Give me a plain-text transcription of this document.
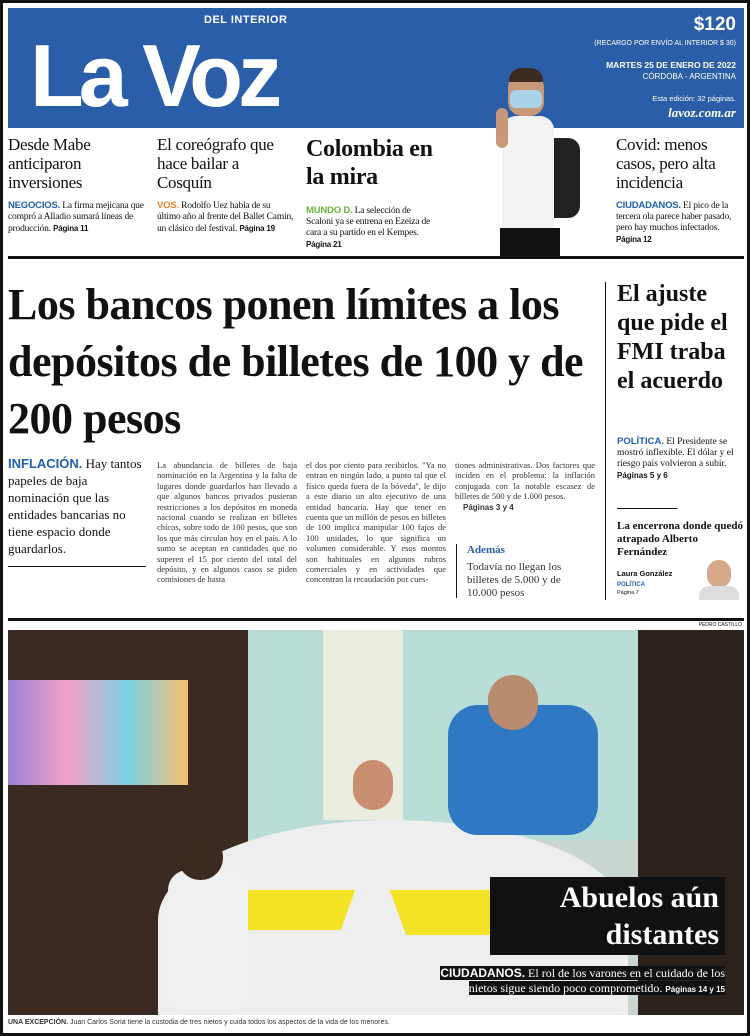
La Voz
DEL INTERIOR	$120
(RECARGO POR ENVÍO AL INTERIOR $ 30)
MARTES 25 DE ENERO DE 2022
CÓRDOBA - ARGENTINA
Esta edición: 32 páginas.
lavoz.com.ar
Desde Mabe anticiparon inversiones

NEGOCIOS. La firma mejicana que compró a Alladio sumará líneas de producción. Página 11

El coreógrafo que hace bailar a Cosquín

VOS. Rodolfo Uez habla de su último año al frente del Ballet Camín, un clásico del festival. Página 19

Colombia en la mira

MUNDO D. La selección de Scaloni ya se entrena en Ezeiza de cara a su partido en el Kempes. Página 21

Covid: menos casos, pero alta incidencia

CIUDADANOS. El pico de la tercera ola parece haber pasado, pero hay muchos infectados. Página 12

Los bancos ponen límites a los depósitos de billetes de 100 y de 200 pesos
INFLACIÓN. Hay tantos papeles de baja nominación que las entidades bancarias no tiene espacio donde guardarlos.
La abundancia de billetes de baja nominación en la Argentina y la falta de lugares donde guardarlos han llevado a que algunos bancos privados pusieran restricciones a los depósitos en moneda nacional cuando se realizan en billetes chicos, sobre todo de 100 pesos, que son los que más circulan hoy en el país. A lo sumo se aceptan en cantidades que no superen el 15 por ciento del total del depósito, y en algunos casos se piden comisiones de hasta
el dos por ciento para recibirlos. "Ya no entran en ningún lado, a punto tal que el físico queda fuera de la bóveda", le dijo a este diario un alto ejecutivo de una entidad bancaria. Hay que tener en cuenta que un millón de pesos en billetes de 100 implica manipular 100 fajos de 100 unidades, lo que significa un volumen considerable. Y esos montos son habituales en algunos rubros comerciales y en actividades que concentran la recaudación por cues-
tiones administrativas. Dos factores que inciden en el problema: la inflación conjugada con la notable escasez de billetes de 500 y de 1.000 pesos.
Páginas 3 y 4
Además
Todavía no llegan los billetes de 5.000 y de 10.000 pesos
El ajuste que pide el FMI traba el acuerdo
POLÍTICA. El Presidente se mostró inflexible. El dólar y el riesgo país volvieron a subir.
Páginas 5 y 6
La encerrona donde quedó atrapado Alberto Fernández
Laura González
POLÍTICA
Página 7
PEDRO CASTILLO
Abuelos aún distantes
CIUDADANOS. El rol de los varones en el cuidado de los nietos sigue siendo poco comprometido. Páginas 14 y 15
UNA EXCEPCIÓN. Juan Carlos Soria tiene la custodia de tres nietos y cuida todos los aspectos de la vida de los menores.
